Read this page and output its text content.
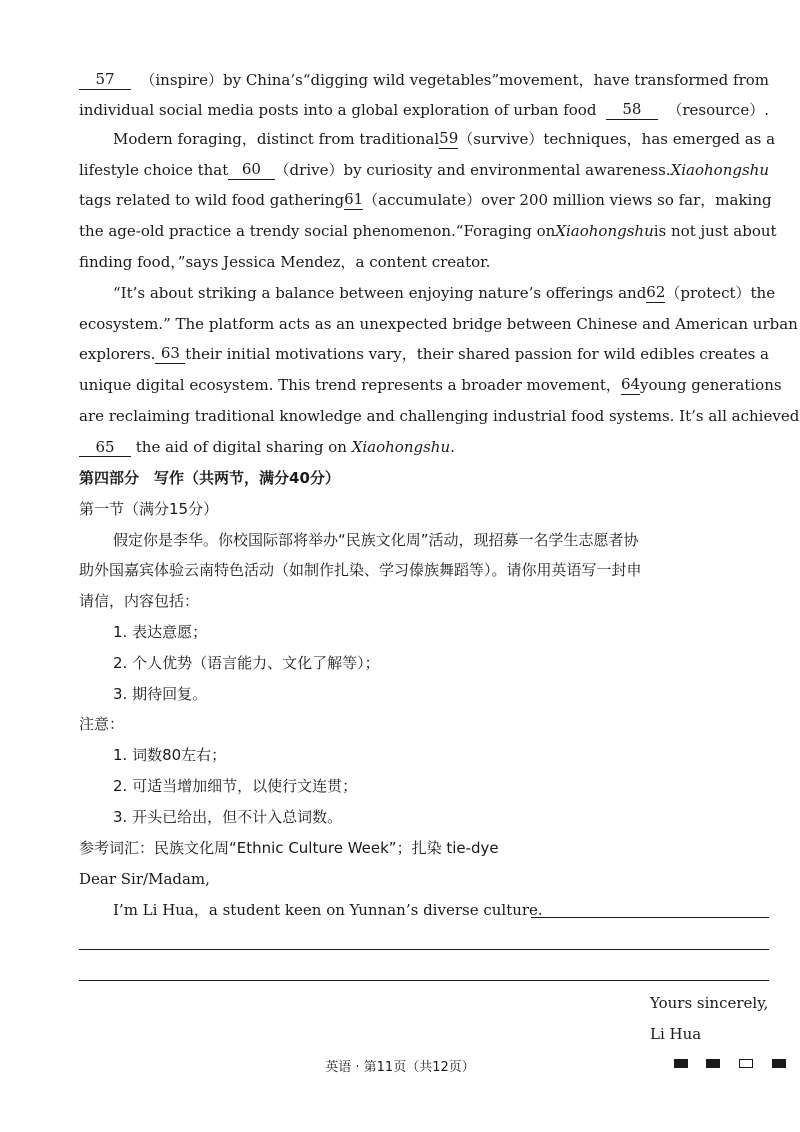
57	（inspire）by China’s“digging wild vegetables”movement，have transformed from
individual social media posts into a global exploration of urban food	58	（resource）.
Modern foraging，distinct from traditional 59 （survive）techniques，has emerged as a
lifestyle choice that 60 （drive）by curiosity and environmental awareness. Xiaohongshu
tags related to wild food gathering 61 （accumulate）over 200 million views so far，making
the age-old practice a trendy social phenomenon.“Foraging on Xiaohongshu is not just about
finding food，”says Jessica Mendez，a content creator.
“It’s about striking a balance between enjoying nature’s offerings and 62 （protect）the
ecosystem.” The platform acts as an unexpected bridge between Chinese and American urban
explorers. 63 their initial motivations vary，their shared passion for wild edibles creates a
unique digital ecosystem. This trend represents a broader movement， 64 young generations
are reclaiming traditional knowledge and challenging industrial food systems. It’s all achieved
65 the aid of digital sharing on Xiaohongshu.
第四部分　写作（共两节，满分40分）
第一节（满分15分）
假定你是李华。你校国际部将举办“民族文化周”活动，现招募一名学生志愿者协
助外国嘉宾体验云南特色活动（如制作扎染、学习傣族舞蹈等）。请你用英语写一封申
请信，内容包括：
1. 表达意愿；
2. 个人优势（语言能力、文化了解等）；
3. 期待回复。
注意：
1. 词数80左右；
2. 可适当增加细节，以使行文连贯；
3. 开头已给出，但不计入总词数。
参考词汇：民族文化周“Ethnic Culture Week”；扎染 tie-dye
Dear Sir/Madam,
I’m Li Hua，a student keen on Yunnan’s diverse culture.
Yours sincerely,
Li Hua
英语 · 第11页（共12页）
